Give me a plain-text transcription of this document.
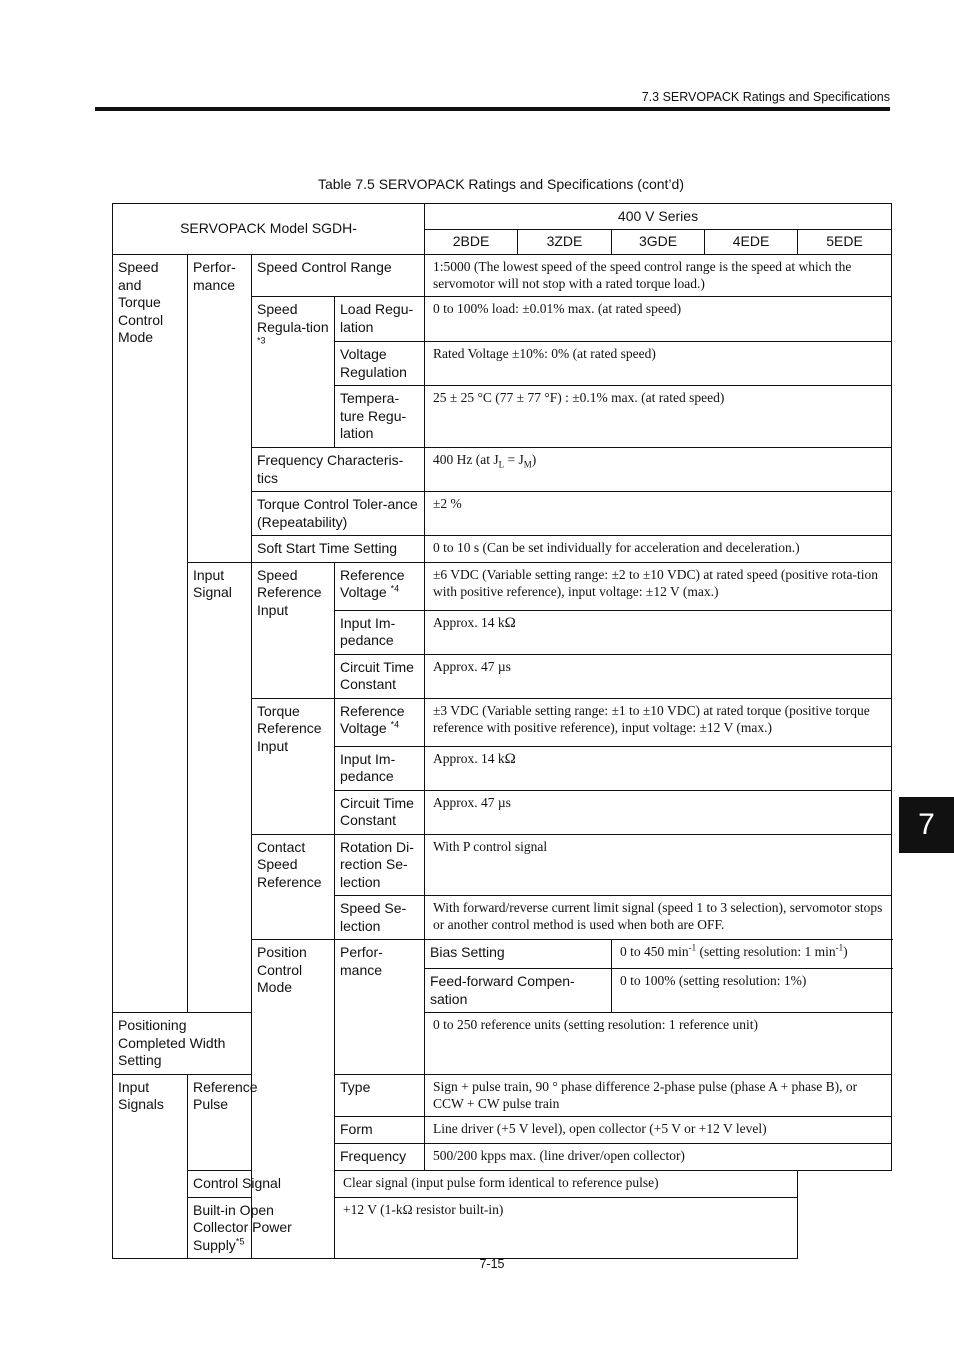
7.3 SERVOPACK Ratings and Specifications
Table 7.5 SERVOPACK Ratings and Specifications (cont’d)
SERVOPACK Model SGDH-				400 V Series				
				2BDE	3ZDE	3GDE	4EDE	5EDE
Speed and Torque Control Mode	Perfor-mance	Speed Control Range		1:5000 (The lowest speed of the speed control range is the speed at which the servomotor will not stop with a rated torque load.)				
		Speed Regula-tion $^{*3}$	Load Regu-lation	0 to 100% load: ±0.01% max. (at rated speed)				
			Voltage Regulation	Rated Voltage ±10%: 0% (at rated speed)				
			Tempera-ture Regu-lation	25 ± 25 °C (77 ± 77 °F) : ±0.1% max. (at rated speed)				
		Frequency Characteris-tics		400 Hz (at $J_L = J_M$)				
		Torque Control Toler-ance (Repeatability)		±2 %				
		Soft Start Time Setting		0 to 10 s (Can be set individually for acceleration and deceleration.)				
	Input Signal	Speed Reference Input	Reference Voltage $^{*4}$	±6 VDC (Variable setting range: ±2 to ±10 VDC) at rated speed (positive rota-tion with positive reference), input voltage: ±12 V (max.)				
			Input Im-pedance	Approx. 14 kΩ				
			Circuit Time Constant	Approx. 47 µs				
		Torque Reference Input	Reference Voltage $^{*4}$	±3 VDC (Variable setting range: ±1 to ±10 VDC) at rated torque (positive torque reference with positive reference), input voltage: ±12 V (max.)				
			Input Im-pedance	Approx. 14 kΩ				
			Circuit Time Constant	Approx. 47 µs				
		Contact Speed Reference	Rotation Di-rection Se-lection	With P control signal				
			Speed Se-lection	With forward/reverse current limit signal (speed 1 to 3 selection), servomotor stops or another control method is used when both are OFF.				
		Position Control Mode	Perfor-mance	Bias Setting		0 to 450 $\min^{-1}$ (setting resolution: 1 $\min^{-1}$)		
				Feed-forward Compen-sation		0 to 100% (setting resolution: 1%)		
Positioning Completed Width Setting				0 to 250 reference units (setting resolution: 1 reference unit)				
Input Signals	Reference Pulse		Type	Sign + pulse train, 90 ° phase difference 2-phase pulse (phase A + phase B), or CCW + CW pulse train				
			Form	Line driver (+5 V level), open collector (+5 V or +12 V level)				
			Frequency	500/200 kpps max. (line driver/open collector)				
	Control Signal		Clear signal (input pulse form identical to reference pulse)					
	Built-in Open Collector Power Supply$^{*5}$		+12 V (1-kΩ resistor built-in)					
7-15
7
